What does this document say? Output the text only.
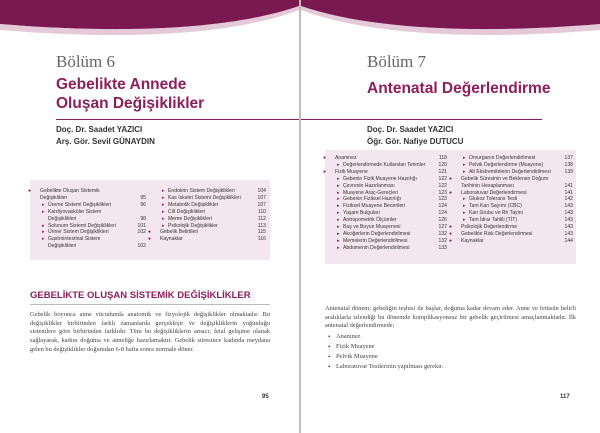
Bölüm 6
Gebelikte Annede
Oluşan Değişiklikler
Doç. Dr. Saadet YAZICI
Arş. Gör. Sevil GÜNAYDIN
● Gebelikte Oluşan Sistemik Değişiklikler	95
▸ Üreme Sistemi Değişiklikleri	96
▸ Kardiyovasküler Sistem Değişiklikleri	98
▸ Solunum Sistemi Değişiklikleri	101
▸ Üriner Sistem Değişiklikleri	102
▸ Gastrointestinal Sistem Değişiklikleri	102
▸ Endokrin Sistem Değişiklikleri	104
▸ Kas İskelet Sistemi Değişiklikleri	107
▸ Metabolik Değişiklikler	107
▸ Cilt Değişiklikleri	110
▸ Meme Değişiklikleri	112
▸ Psikolojik Değişiklikler	113
● Gebelik Belirtileri	115
● Kaynaklar	116
GEBELİKTE OLUŞAN SİSTEMİK DEĞİŞİKLİKLER
Gebelik boyunca anne vücudunda anatomik ve fizyolojik değişiklikler olmaktadır. Bu değişiklikler birbirinden farklı zamanlarda gerçekleşir ve değişikliklerin yoğunluğu sistemlere göre birbirinden farklıdır. Tüm bu değişikliklerin amacı; fetal gelişime olanak sağlayarak, kadını doğuma ve anneliğe hazırlamaktır. Gebelik süresince kadında meydana gelen bu değişiklikler doğumdan 6-8 hafta sonra normale döner.
95
Bölüm 7
Antenatal Değerlendirme
Doç. Dr. Saadet YAZICI
Öğr. Gör. Nafiye DUTUCU
● Anamnez	118
▸ Değerlendirmede Kullanılan Terimler	120
● Fizik Muayene	121
▸ Gebenin Fizik Muayene Hazırlığı	122
▸ Çevrenin Hazırlanması	122
▸ Muayene Araç-Gereçleri	123
▸ Gebenin Fiziksel Hazırlığı	123
▸ Fiziksel Muayene Becerileri	124
▸ Yaşam Bulguları	124
▸ Antropometrik Ölçümler	126
▸ Baş ve Boyun Muayenesi	127
▸ Akciğerlerin Değerlendirilmesi	132
▸ Memelerin Değerlendirilmesi	132
▸ Abdomenin Değerlendirilmesi	133
▸ Omurganın Değerlendirilmesi	137
▸ Pelvik Değerlendirme (Muayene)	138
▸ Alt Ekstremitelerin Değerlendirilmesi	139
● Gebelik Süresinin ve Beklenen Doğum Tarihinin Hesaplanması	141
● Laboratuvar Değerlendirmesi	141
▸ Glukoz Tolerans Testi	142
▸ Tam Kan Sayımı (CBC)	143
▸ Kan Grubu ve Rh Tayini	143
▸ Tam İdrar Tahlili (TİT)	143
● Psikolojik Değerlendirme	143
● Gebelikte Risk Değerlendirmesi	143
● Kaynaklar	144
Antenatal dönem; gebeliğin teşhisi ile başlar, doğuma kadar devam eder. Anne ve fetüsün belirli aralıklarla izlendiği bu dönemde komplikasyonsuz bir gebelik geçirilmesi amaçlanmaktadır. İlk antenatal değerlendirmede;
• Anamnez
• Fizik Muayene
• Pelvik Muayene
• Laboratuvar Testlerinin yapılması gerekir.
117
